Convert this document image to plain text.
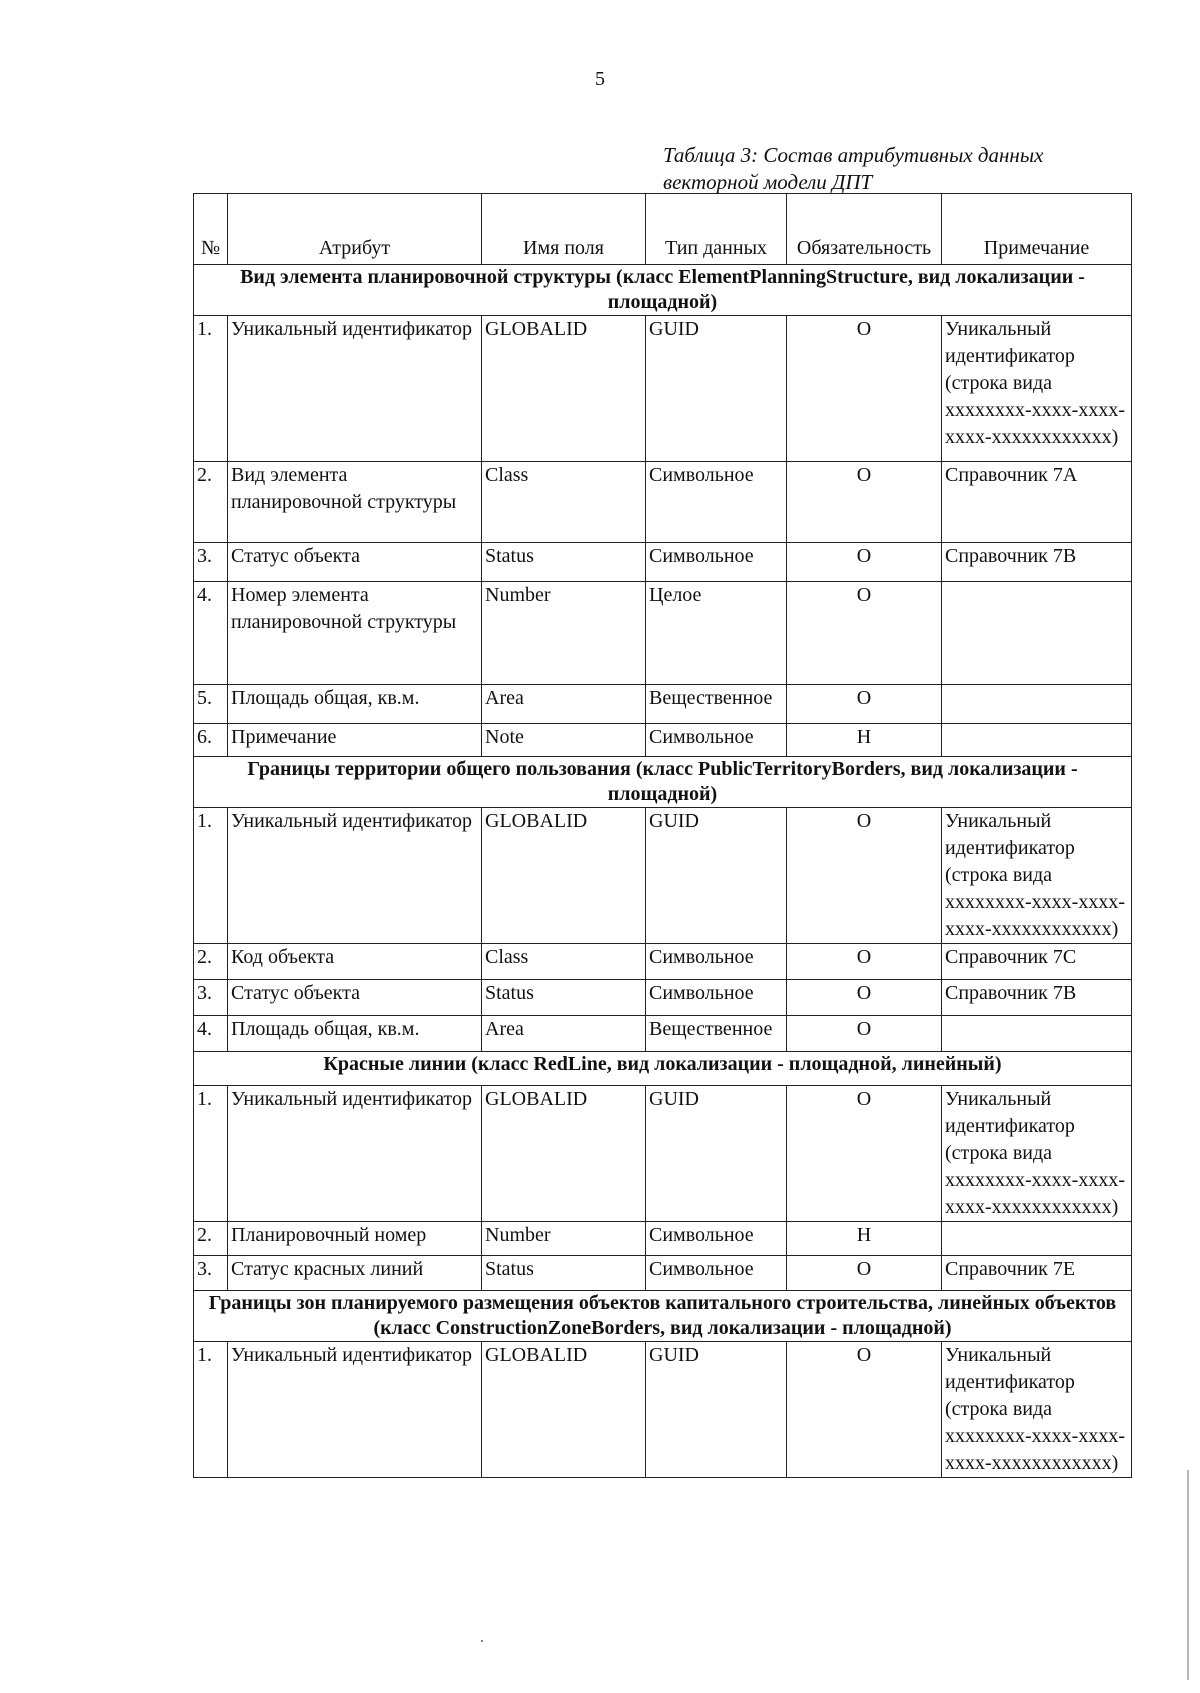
5
Таблица 3: Состав атрибутивных данных
векторной модели ДПТ
№	Атрибут	Имя поля	Тип данных	Обязательность	Примечание
Вид элемента планировочной структуры (класс ElementPlanningStructure, вид локализации - площадной)					
1.	Уникальный идентификатор	GLOBALID	GUID	О	Уникальный идентификатор (строка вида xxxxxxxx-xxxx-xxxx-xxxx-xxxxxxxxxxxx)
2.	Вид элемента планировочной структуры	Class	Символьное	О	Справочник 7А
3.	Статус объекта	Status	Символьное	О	Справочник 7В
4.	Номер элемента планировочной структуры	Number	Целое	О	
5.	Площадь общая, кв.м.	Area	Вещественное	О	
6.	Примечание	Note	Символьное	Н	
Границы территории общего пользования (класс PublicTerritoryBorders, вид локализации - площадной)					
1.	Уникальный идентификатор	GLOBALID	GUID	О	Уникальный идентификатор (строка вида xxxxxxxx-xxxx-xxxx-xxxx-xxxxxxxxxxxx)
2.	Код объекта	Class	Символьное	О	Справочник 7С
3.	Статус объекта	Status	Символьное	О	Справочник 7В
4.	Площадь общая, кв.м.	Area	Вещественное	О	
Красные линии (класс RedLine, вид локализации - площадной, линейный)					
1.	Уникальный идентификатор	GLOBALID	GUID	О	Уникальный идентификатор (строка вида xxxxxxxx-xxxx-xxxx-xxxx-xxxxxxxxxxxx)
2.	Планировочный номер	Number	Символьное	Н	
3.	Статус красных линий	Status	Символьное	О	Справочник 7Е
Границы зон планируемого размещения объектов капитального строительства, линейных объектов (класс ConstructionZoneBorders, вид локализации - площадной)					
1.	Уникальный идентификатор	GLOBALID	GUID	О	Уникальный идентификатор (строка вида xxxxxxxx-xxxx-xxxx-xxxx-xxxxxxxxxxxx)
